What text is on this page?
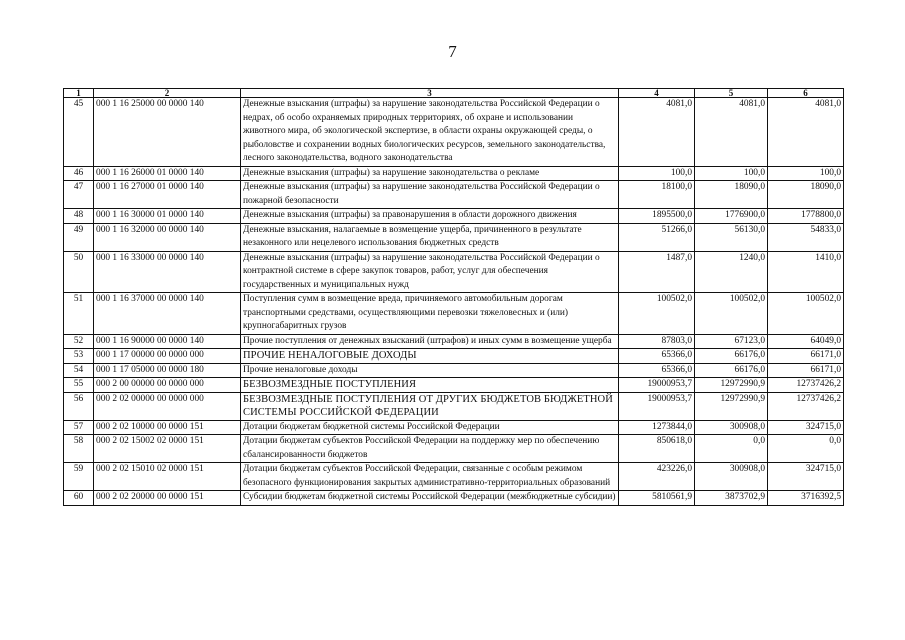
7
1	2	3	4	5	6
45	000 1 16 25000 00 0000 140	Денежные взыскания (штрафы) за нарушение законодательства Российской Федерации о недрах, об особо охраняемых природных территориях, об охране и использовании животного мира, об экологической экспертизе, в области охраны окружающей среды, о рыболовстве и сохранении водных биологических ресурсов, земельного законодательства, лесного законодательства, водного законодательства	4081,0	4081,0	4081,0
46	000 1 16 26000 01 0000 140	Денежные взыскания (штрафы) за нарушение законодательства о рекламе	100,0	100,0	100,0
47	000 1 16 27000 01 0000 140	Денежные взыскания (штрафы) за нарушение законодательства Российской Федерации о пожарной безопасности	18100,0	18090,0	18090,0
48	000 1 16 30000 01 0000 140	Денежные взыскания (штрафы) за правонарушения в области дорожного движения	1895500,0	1776900,0	1778800,0
49	000 1 16 32000 00 0000 140	Денежные взыскания, налагаемые в возмещение ущерба, причиненного в результате незаконного или нецелевого использования бюджетных средств	51266,0	56130,0	54833,0
50	000 1 16 33000 00 0000 140	Денежные взыскания (штрафы) за нарушение законодательства Российской Федерации о контрактной системе в сфере закупок товаров, работ, услуг для обеспечения государственных и муниципальных нужд	1487,0	1240,0	1410,0
51	000 1 16 37000 00 0000 140	Поступления сумм в возмещение вреда, причиняемого автомобильным дорогам транспортными средствами, осуществляющими перевозки тяжеловесных и (или) крупногабаритных грузов	100502,0	100502,0	100502,0
52	000 1 16 90000 00 0000 140	Прочие поступления от денежных взысканий (штрафов) и иных сумм в возмещение ущерба	87803,0	67123,0	64049,0
53	000 1 17 00000 00 0000 000	ПРОЧИЕ НЕНАЛОГОВЫЕ ДОХОДЫ	65366,0	66176,0	66171,0
54	000 1 17 05000 00 0000 180	Прочие неналоговые доходы	65366,0	66176,0	66171,0
55	000 2 00 00000 00 0000 000	БЕЗВОЗМЕЗДНЫЕ ПОСТУПЛЕНИЯ	19000953,7	12972990,9	12737426,2
56	000 2 02 00000 00 0000 000	БЕЗВОЗМЕЗДНЫЕ ПОСТУПЛЕНИЯ ОТ ДРУГИХ БЮДЖЕТОВ БЮДЖЕТНОЙ СИСТЕМЫ РОССИЙСКОЙ ФЕДЕРАЦИИ	19000953,7	12972990,9	12737426,2
57	000 2 02 10000 00 0000 151	Дотации бюджетам бюджетной системы Российской Федерации	1273844,0	300908,0	324715,0
58	000 2 02 15002 02 0000 151	Дотации бюджетам субъектов Российской Федерации на поддержку мер по обеспечению сбалансированности бюджетов	850618,0	0,0	0,0
59	000 2 02 15010 02 0000 151	Дотации бюджетам субъектов Российской Федерации, связанные с особым режимом безопасного функционирования закрытых административно-территориальных образований	423226,0	300908,0	324715,0
60	000 2 02 20000 00 0000 151	Субсидии бюджетам бюджетной системы Российской Федерации (межбюджетные субсидии)	5810561,9	3873702,9	3716392,5
